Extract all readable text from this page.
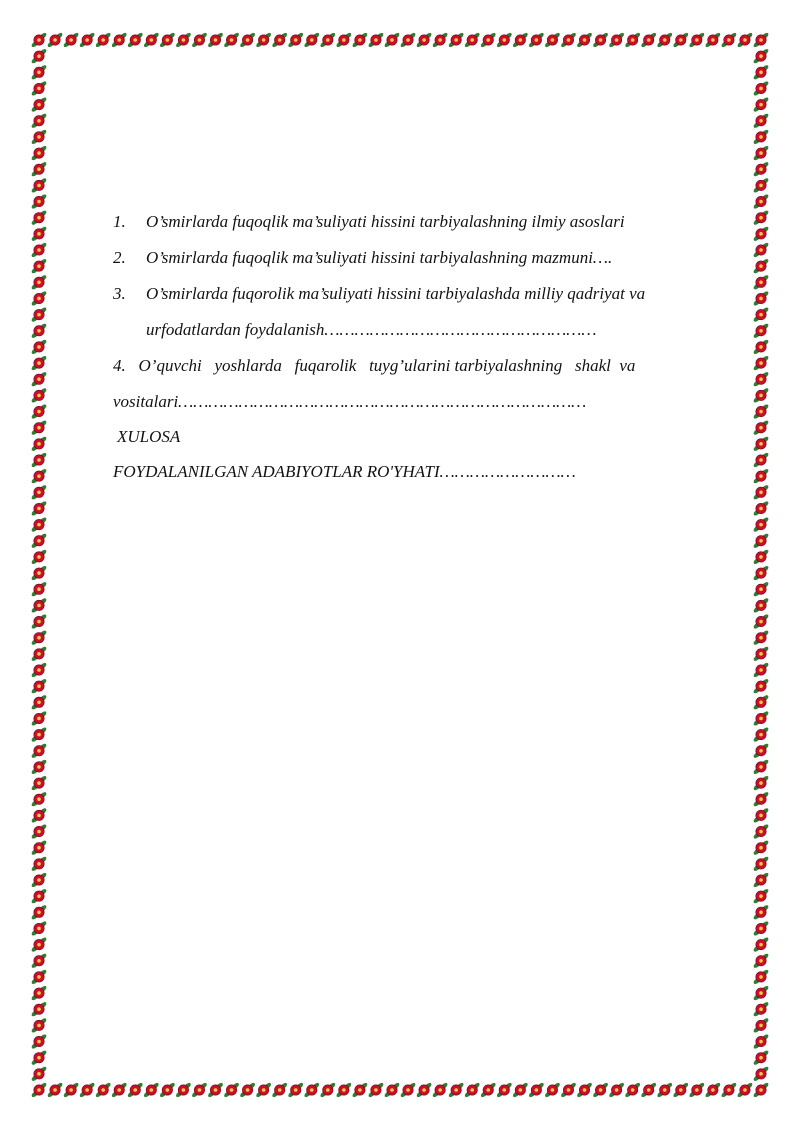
1. O’smirlarda fuqoqlik ma’suliyati hissini tarbiyalashning ilmiy asoslari
2. O’smirlarda fuqoqlik ma’suliyati hissini tarbiyalashning mazmuni….
3. O’smirlarda fuqorolik ma’suliyati hissini tarbiyalashda milliy qadriyat va
urfodatlardan foydalanish………………………………………………
4.   O’quvchi   yoshlarda   fuqarolik   tuyg’ularini tarbiyalashning   shakl  va
vositalari………………………………………………………………………
XULOSA
FOYDALANILGAN ADABIYOTLAR RO'YHATI………………………
